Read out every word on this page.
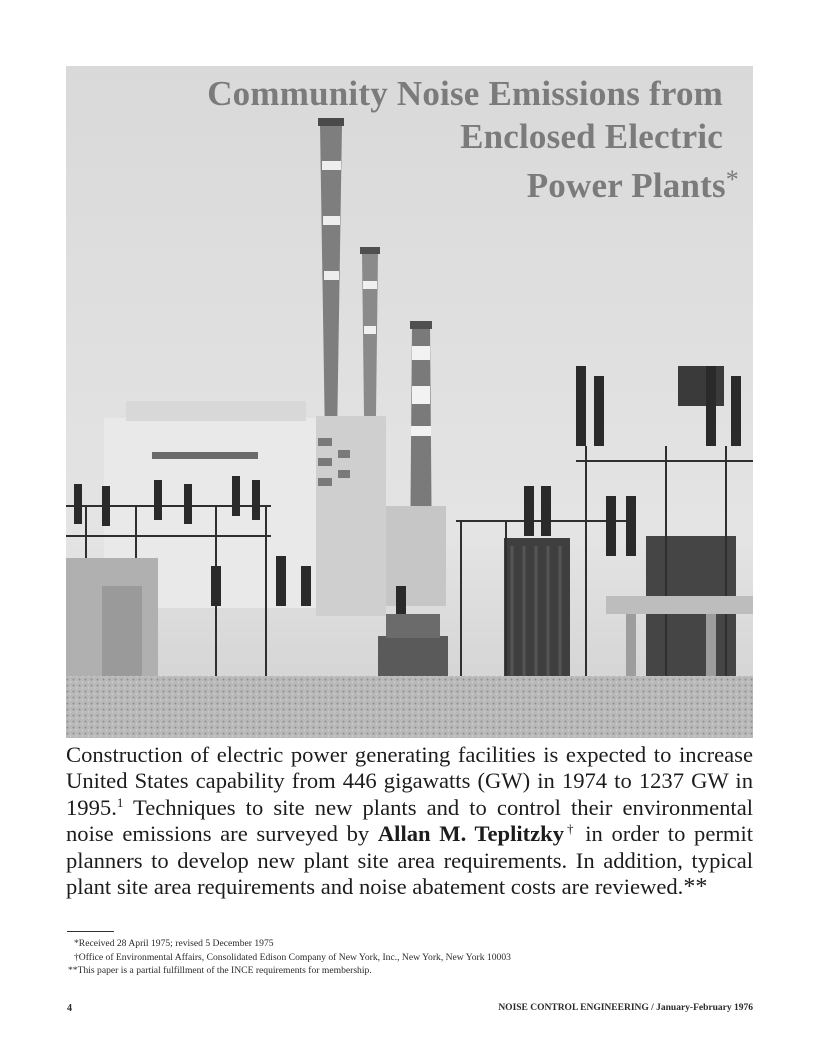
Community Noise Emissions from
Enclosed Electric
Power Plants*
Construction of electric power generating facilities is expected to increase United States capability from 446 gigawatts (GW) in 1974 to 1237 GW in 1995.$^1$ Techniques to site new plants and to control their environmental noise emissions are surveyed by Allan M. Teplitzky† in order to permit planners to develop new plant site area requirements. In addition, typical plant site area requirements and noise abatement costs are reviewed.**
*Received 28 April 1975; revised 5 December 1975
†Office of Environmental Affairs, Consolidated Edison Company of New York, Inc., New York, New York 10003
**This paper is a partial fulfillment of the INCE requirements for membership.
4	NOISE CONTROL ENGINEERING / January-February 1976
